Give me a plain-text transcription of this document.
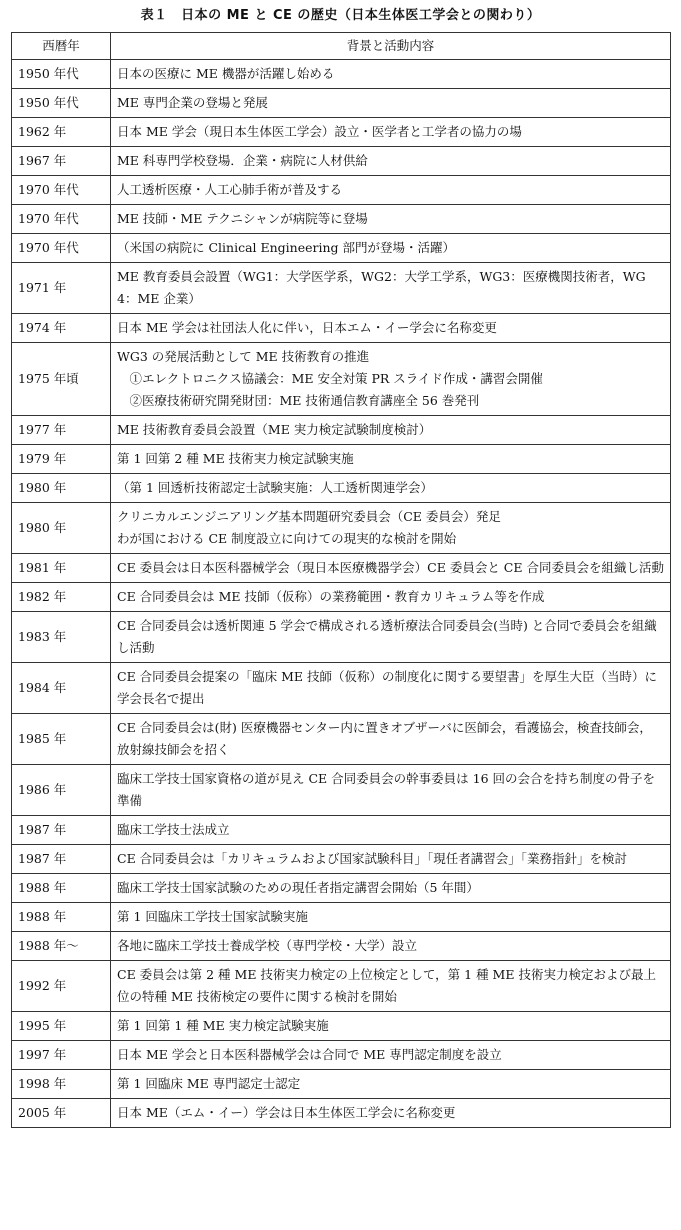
表１　日本の ME と CE の歴史（日本生体医工学会との関わり）
西暦年	背景と活動内容
1950 年代	日本の医療に ME 機器が活躍し始める

1950 年代	ME 専門企業の登場と発展

1962 年	日本 ME 学会（現日本生体医工学会）設立・医学者と工学者の協力の場

1967 年	ME 科専門学校登場．企業・病院に人材供給

1970 年代	人工透析医療・人工心肺手術が普及する

1970 年代	ME 技師・ME テクニシャンが病院等に登場

1970 年代	（米国の病院に Clinical Engineering 部門が登場・活躍）

1971 年	ME 教育委員会設置（WG1：大学医学系，WG2：大学工学系，WG3：医療機関技術者，WG4：ME 企業）

1974 年	日本 ME 学会は社団法人化に伴い，日本エム・イー学会に名称変更

1975 年頃	WG3 の発展活動として ME 技術教育の推進
　①エレクトロニクス協議会：ME 安全対策 PR スライド作成・講習会開催
　②医療技術研究開発財団：ME 技術通信教育講座全 56 巻発刊

1977 年	ME 技術教育委員会設置（ME 実力検定試験制度検討）

1979 年	第 1 回第 2 種 ME 技術実力検定試験実施

1980 年	（第 1 回透析技術認定士試験実施：人工透析関連学会）

1980 年	クリニカルエンジニアリング基本問題研究委員会（CE 委員会）発足
わが国における CE 制度設立に向けての現実的な検討を開始

1981 年	CE 委員会は日本医科器械学会（現日本医療機器学会）CE 委員会と CE 合同委員会を組織し活動

1982 年	CE 合同委員会は ME 技師（仮称）の業務範囲・教育カリキュラム等を作成

1983 年	CE 合同委員会は透析関連 5 学会で構成される透析療法合同委員会(当時) と合同で委員会を組織し活動

1984 年	CE 合同委員会提案の「臨床 ME 技師（仮称）の制度化に関する要望書」を厚生大臣（当時）に学会長名で提出

1985 年	CE 合同委員会は(財) 医療機器センター内に置きオブザーバに医師会，看護協会，検査技師会，放射線技師会を招く

1986 年	臨床工学技士国家資格の道が見え CE 合同委員会の幹事委員は 16 回の会合を持ち制度の骨子を準備

1987 年	臨床工学技士法成立

1987 年	CE 合同委員会は「カリキュラムおよび国家試験科目」「現任者講習会」「業務指針」を検討

1988 年	臨床工学技士国家試験のための現任者指定講習会開始（5 年間）

1988 年	第 1 回臨床工学技士国家試験実施

1988 年～	各地に臨床工学技士養成学校（専門学校・大学）設立

1992 年	CE 委員会は第 2 種 ME 技術実力検定の上位検定として，第 1 種 ME 技術実力検定および最上位の特種 ME 技術検定の要件に関する検討を開始

1995 年	第 1 回第 1 種 ME 実力検定試験実施

1997 年	日本 ME 学会と日本医科器械学会は合同で ME 専門認定制度を設立

1998 年	第 1 回臨床 ME 専門認定士認定

2005 年	日本 ME（エム・イー）学会は日本生体医工学会に名称変更
